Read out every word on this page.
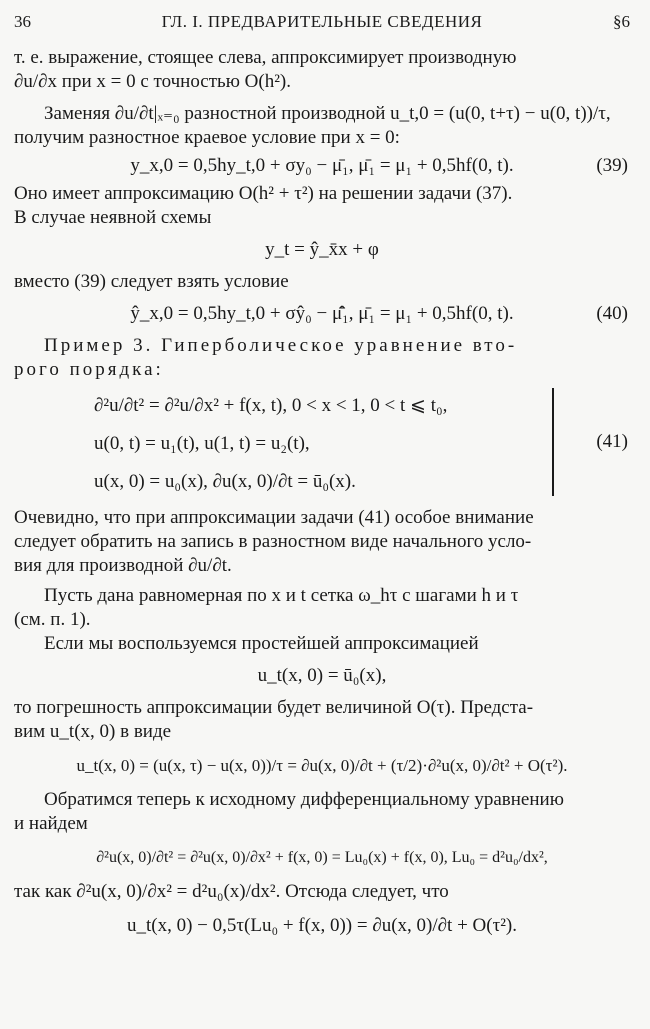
36	ГЛ. I. ПРЕДВАРИТЕЛЬНЫЕ СВЕДЕНИЯ	§6

т. е. выражение, стоящее слева, аппроксимирует производную

∂u/∂x при x = 0 с точностью O(h²).

Заменяя ∂u/∂t|ₓ₌₀ разностной производной u_t,0 = (u(0, t+τ) − u(0, t))/τ,

получим разностное краевое условие при x = 0:

y_x,0 = 0,5hy_t,0 + σy₀ − μ̄₁, μ̄₁ = μ₁ + 0,5hf(0, t).	(39)

Оно имеет аппроксимацию O(h² + τ²) на решении задачи (37).

В случае неявной схемы

y_t = ŷ_x̄x + φ

вместо (39) следует взять условие

ŷ_x,0 = 0,5hy_t,0 + σŷ₀ − μ̂̄₁, μ̄₁ = μ₁ + 0,5hf(0, t).	(40)

Пример 3. Гиперболическое уравнение вто-

рого порядка:

∂²u/∂t² = ∂²u/∂x² + f(x, t), 0 < x < 1, 0 < t ⩽ t₀,
u(0, t) = u₁(t), u(1, t) = u₂(t),
u(x, 0) = u₀(x), ∂u(x, 0)/∂t = ū₀(x).
(41)

Очевидно, что при аппроксимации задачи (41) особое внимание

следует обратить на запись в разностном виде начального усло-

вия для производной ∂u/∂t.

Пусть дана равномерная по x и t сетка ω_hτ с шагами h и τ

(см. п. 1).

Если мы воспользуемся простейшей аппроксимацией

u_t(x, 0) = ū₀(x),

то погрешность аппроксимации будет величиной O(τ). Предста-

вим u_t(x, 0) в виде

u_t(x, 0) = (u(x, τ) − u(x, 0))/τ = ∂u(x, 0)/∂t + (τ/2)·∂²u(x, 0)/∂t² + O(τ²).

Обратимся теперь к исходному дифференциальному уравнению

и найдем

∂²u(x, 0)/∂t² = ∂²u(x, 0)/∂x² + f(x, 0) = Lu₀(x) + f(x, 0), Lu₀ = d²u₀/dx²,

так как ∂²u(x, 0)/∂x² = d²u₀(x)/dx². Отсюда следует, что

u_t(x, 0) − 0,5τ(Lu₀ + f(x, 0)) = ∂u(x, 0)/∂t + O(τ²).
